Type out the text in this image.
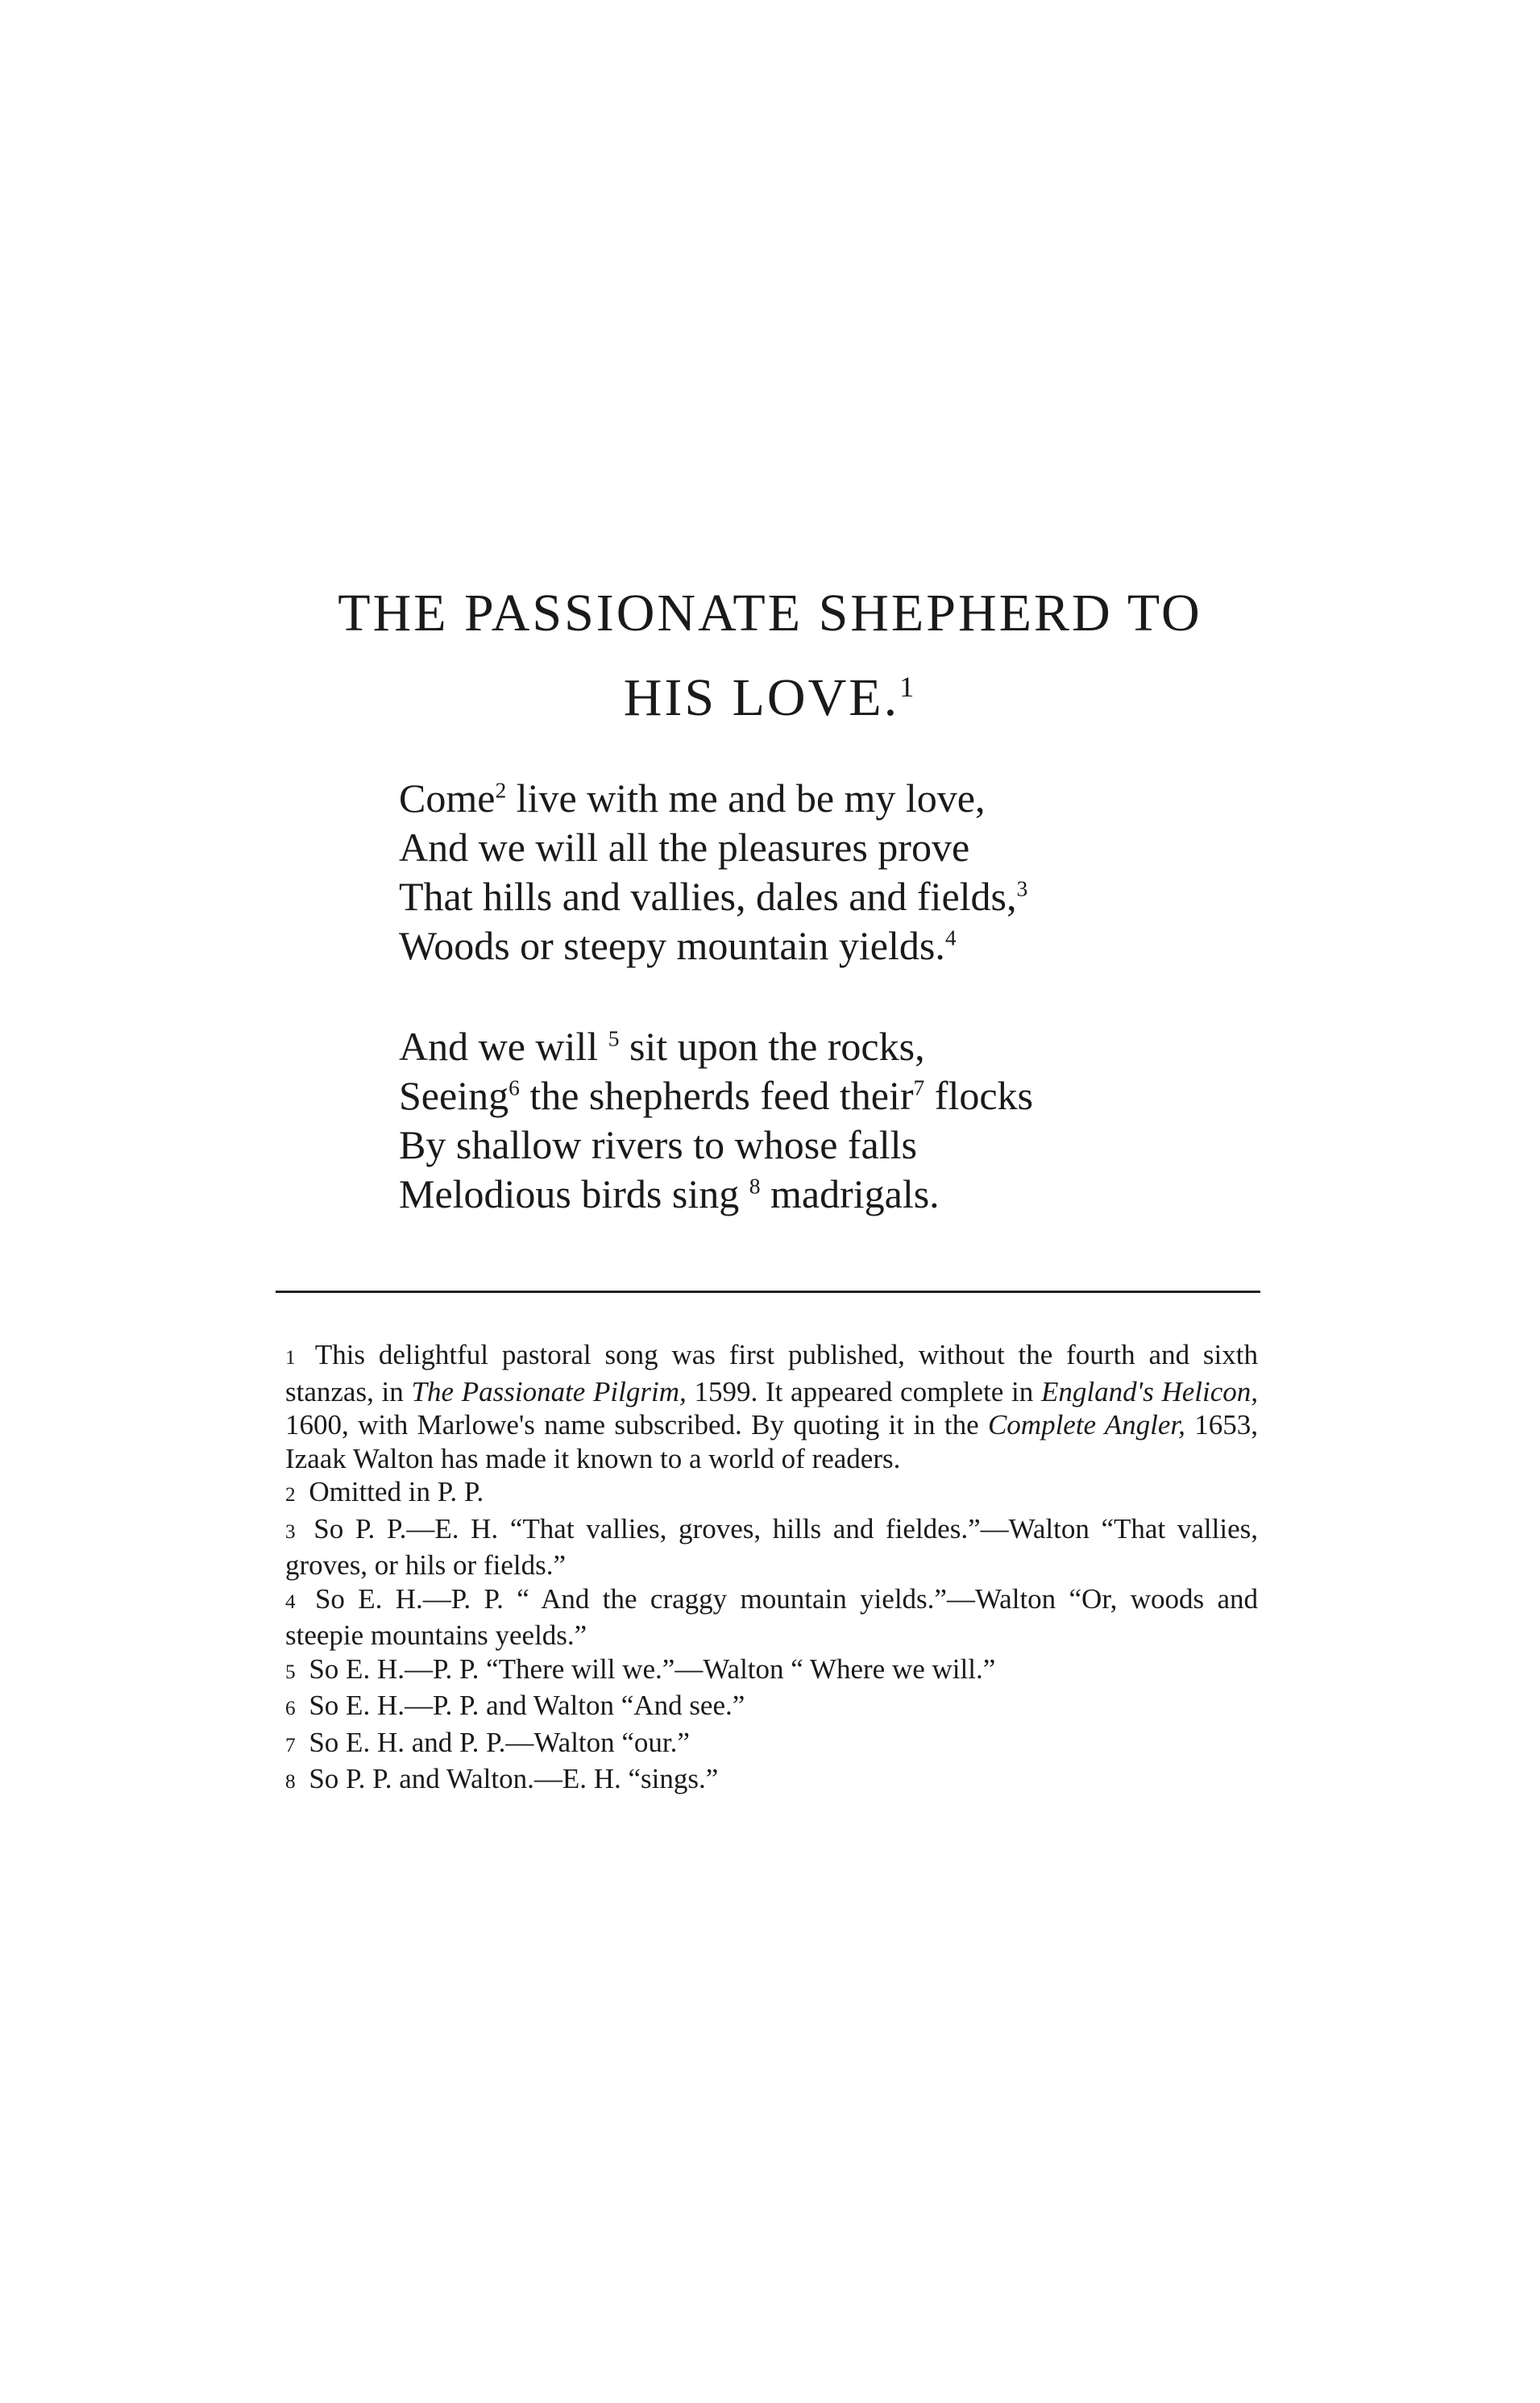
THE PASSIONATE SHEPHERD TO
HIS LOVE.$^1$
Come$^2$ live with me and be my love,
And we will all the pleasures prove
That hills and vallies, dales and fields,$^3$
Woods or steepy mountain yields.$^4$
And we will $^5$ sit upon the rocks,
Seeing$^6$ the shepherds feed their$^7$ flocks
By shallow rivers to whose falls
Melodious birds sing $^8$ madrigals.

1 This delightful pastoral song was first published, without the fourth and sixth stanzas, in The Passionate Pilgrim, 1599. It appeared complete in England's Helicon, 1600, with Marlowe's name subscribed. By quoting it in the Complete Angler, 1653, Izaak Walton has made it known to a world of readers.

2 Omitted in P. P.

3 So P. P.—E. H. “That vallies, groves, hills and fieldes.”—Walton “That vallies, groves, or hils or fields.”

4 So E. H.—P. P. “ And the craggy mountain yields.”—Walton “Or, woods and steepie mountains yeelds.”

5 So E. H.—P. P. “There will we.”—Walton “ Where we will.”

6 So E. H.—P. P. and Walton “And see.”

7 So E. H. and P. P.—Walton “our.”

8 So P. P. and Walton.—E. H. “sings.”
